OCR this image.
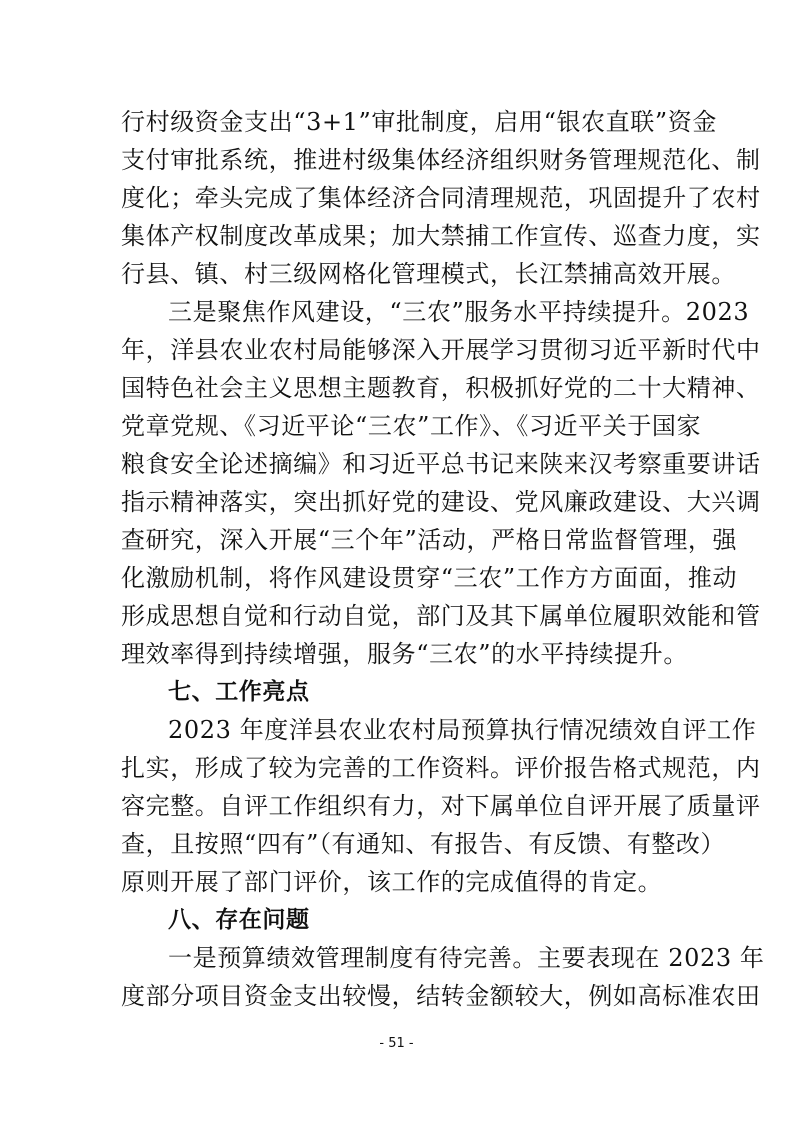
行村级资金支出“3+1”审批制度，启用“银农直联”资金
支付审批系统，推进村级集体经济组织财务管理规范化、制
度化；牵头完成了集体经济合同清理规范，巩固提升了农村
集体产权制度改革成果；加大禁捕工作宣传、巡查力度，实
行县、镇、村三级网格化管理模式，长江禁捕高效开展。
三是聚焦作风建设，“三农”服务水平持续提升。2023
年，洋县农业农村局能够深入开展学习贯彻习近平新时代中
国特色社会主义思想主题教育，积极抓好党的二十大精神、
党章党规、《习近平论“三农”工作》、《习近平关于国家
粮食安全论述摘编》和习近平总书记来陕来汉考察重要讲话
指示精神落实，突出抓好党的建设、党风廉政建设、大兴调
查研究，深入开展“三个年”活动，严格日常监督管理，强
化激励机制，将作风建设贯穿“三农”工作方方面面，推动
形成思想自觉和行动自觉，部门及其下属单位履职效能和管
理效率得到持续增强，服务“三农”的水平持续提升。
七、工作亮点
2023 年度洋县农业农村局预算执行情况绩效自评工作
扎实，形成了较为完善的工作资料。评价报告格式规范，内
容完整。自评工作组织有力，对下属单位自评开展了质量评
查，且按照“四有”（有通知、有报告、有反馈、有整改）
原则开展了部门评价，该工作的完成值得的肯定。
八、存在问题
一是预算绩效管理制度有待完善。主要表现在 2023 年
度部分项目资金支出较慢，结转金额较大，例如高标准农田
- 51 -
